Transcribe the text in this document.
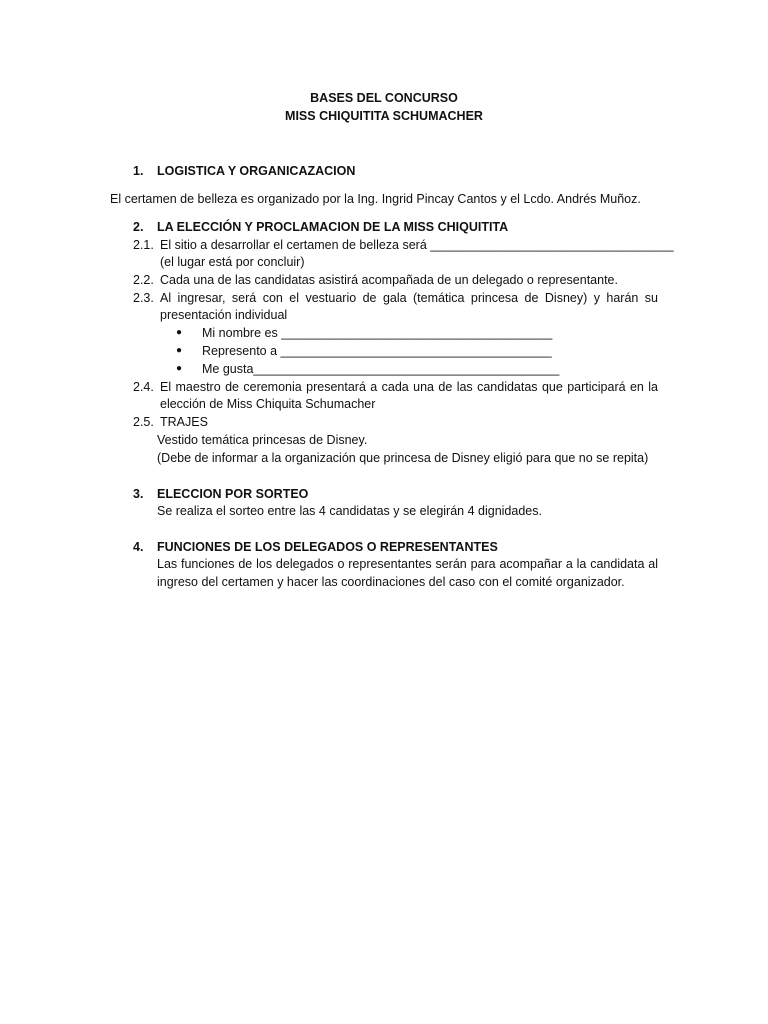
BASES DEL CONCURSO
MISS CHIQUITITA SCHUMACHER
1. LOGISTICA Y ORGANICAZACION
El certamen de belleza es organizado por la Ing. Ingrid Pincay Cantos y el Lcdo. Andrés Muñoz.
2. LA ELECCIÓN Y PROCLAMACION DE LA MISS CHIQUITITA
2.1. El sitio a desarrollar el certamen de belleza será ___________________________________
(el lugar está por concluir)
2.2. Cada una de las candidatas asistirá acompañada de un delegado o representante.
2.3. Al ingresar, será con el vestuario de gala (temática princesa de Disney) y harán su
presentación individual
● Mi nombre es _______________________________________
● Represento a _______________________________________
● Me gusta____________________________________________
2.4. El maestro de ceremonia presentará a cada una de las candidatas que participará en la
elección de Miss Chiquita Schumacher
2.5. TRAJES
Vestido temática princesas de Disney.
(Debe de informar a la organización que princesa de Disney eligió para que no se repita)
3. ELECCION POR SORTEO
Se realiza el sorteo entre las 4 candidatas y se elegirán 4 dignidades.
4. FUNCIONES DE LOS DELEGADOS O REPRESENTANTES
Las funciones de los delegados o representantes serán para acompañar a la candidata al
ingreso del certamen y hacer las coordinaciones del caso con el comité organizador.
